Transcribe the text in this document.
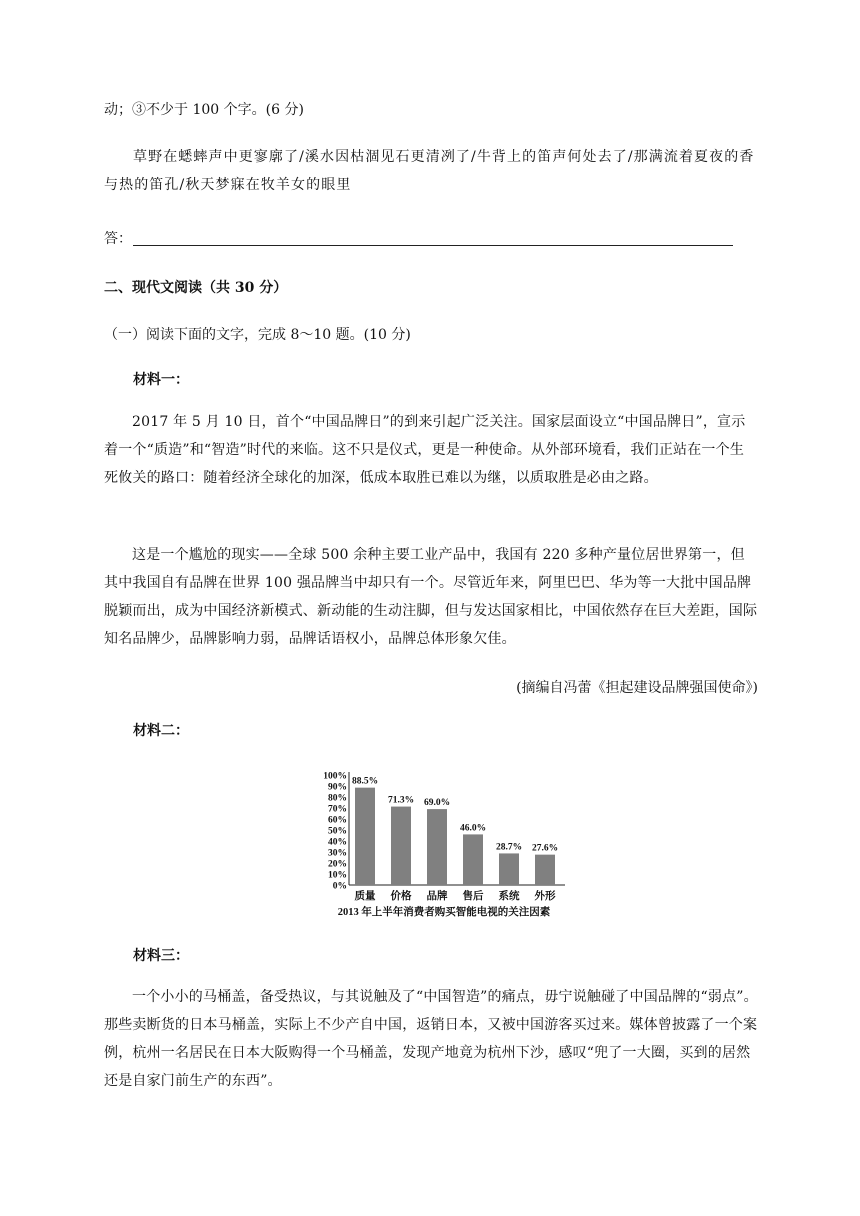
动；③不少于 100 个字。(6 分)
草野在蟋蟀声中更寥廓了/溪水因枯涸见石更清冽了/牛背上的笛声何处去了/那满流着夏夜的香
与热的笛孔/秋天梦寐在牧羊女的眼里
答：
二、现代文阅读（共 30 分）
（一）阅读下面的文字，完成 8～10 题。(10 分)
材料一：
2017 年 5 月 10 日，首个“中国品牌日”的到来引起广泛关注。国家层面设立“中国品牌日”，宣示着一个“质造”和“智造”时代的来临。这不只是仪式，更是一种使命。从外部环境看，我们正站在一个生死攸关的路口：随着经济全球化的加深，低成本取胜已难以为继，以质取胜是必由之路。
这是一个尴尬的现实——全球 500 余种主要工业产品中，我国有 220 多种产量位居世界第一，但其中我国自有品牌在世界 100 强品牌当中却只有一个。尽管近年来，阿里巴巴、华为等一大批中国品牌脱颖而出，成为中国经济新模式、新动能的生动注脚，但与发达国家相比，中国依然存在巨大差距，国际知名品牌少，品牌影响力弱，品牌话语权小，品牌总体形象欠佳。
(摘编自冯蕾《担起建设品牌强国使命》)
材料二：
100%
90%
80%
70%
60%
50%
40%
30%
20%
10%
0%
88.5%
71.3% 69.0%
46.0%
28.7% 27.6%
质量 价格 品牌 售后 系统 外形
2013 年上半年消费者购买智能电视的关注因素
材料三：
一个小小的马桶盖，备受热议，与其说触及了“中国智造”的痛点，毋宁说触碰了中国品牌的“弱点”。那些卖断货的日本马桶盖，实际上不少产自中国，返销日本，又被中国游客买过来。媒体曾披露了一个案例，杭州一名居民在日本大阪购得一个马桶盖，发现产地竟为杭州下沙，感叹“兜了一大圈，买到的居然还是自家门前生产的东西”。
